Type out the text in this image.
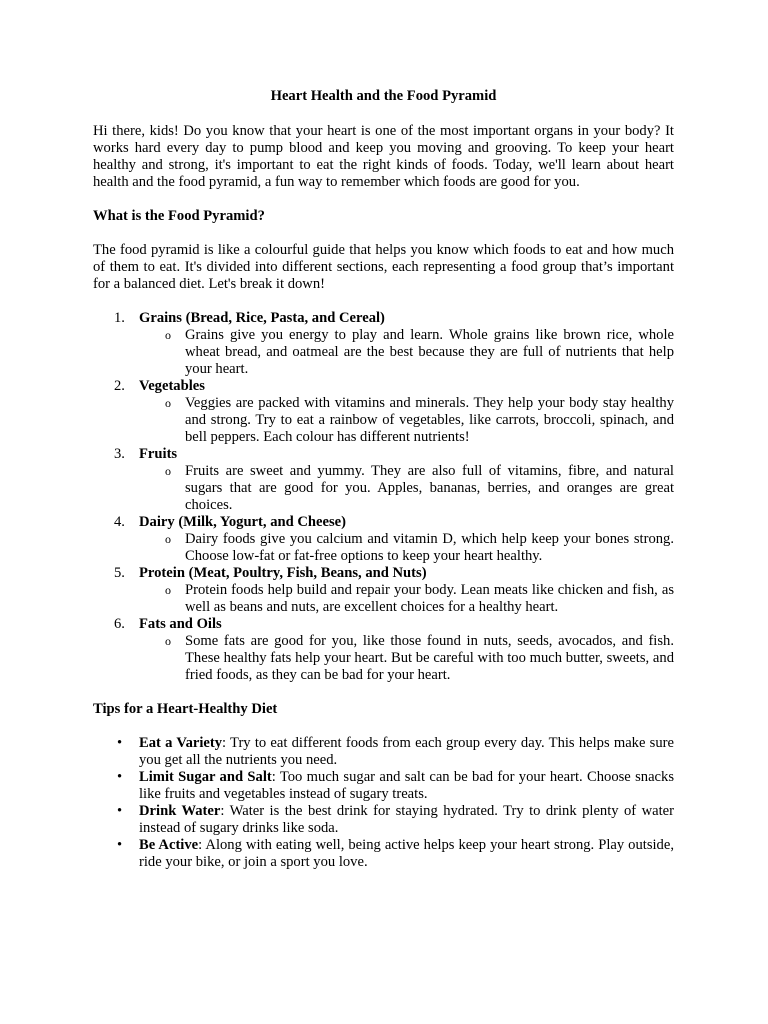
Heart Health and the Food Pyramid

Hi there, kids! Do you know that your heart is one of the most important organs in your body? It works hard every day to pump blood and keep you moving and grooving. To keep your heart healthy and strong, it's important to eat the right kinds of foods. Today, we'll learn about heart health and the food pyramid, a fun way to remember which foods are good for you.

What is the Food Pyramid?

The food pyramid is like a colourful guide that helps you know which foods to eat and how much of them to eat. It's divided into different sections, each representing a food group that’s important for a balanced diet. Let's break it down!

1. Grains (Bread, Rice, Pasta, and Cereal)
o Grains give you energy to play and learn. Whole grains like brown rice, whole wheat bread, and oatmeal are the best because they are full of nutrients that help your heart.
2. Vegetables
o Veggies are packed with vitamins and minerals. They help your body stay healthy and strong. Try to eat a rainbow of vegetables, like carrots, broccoli, spinach, and bell peppers. Each colour has different nutrients!
3. Fruits
o Fruits are sweet and yummy. They are also full of vitamins, fibre, and natural sugars that are good for you. Apples, bananas, berries, and oranges are great choices.
4. Dairy (Milk, Yogurt, and Cheese)
o Dairy foods give you calcium and vitamin D, which help keep your bones strong. Choose low-fat or fat-free options to keep your heart healthy.
5. Protein (Meat, Poultry, Fish, Beans, and Nuts)
o Protein foods help build and repair your body. Lean meats like chicken and fish, as well as beans and nuts, are excellent choices for a healthy heart.
6. Fats and Oils
o Some fats are good for you, like those found in nuts, seeds, avocados, and fish. These healthy fats help your heart. But be careful with too much butter, sweets, and fried foods, as they can be bad for your heart.
Tips for a Heart-Healthy Diet
• Eat a Variety: Try to eat different foods from each group every day. This helps make sure you get all the nutrients you need.
• Limit Sugar and Salt: Too much sugar and salt can be bad for your heart. Choose snacks like fruits and vegetables instead of sugary treats.
• Drink Water: Water is the best drink for staying hydrated. Try to drink plenty of water instead of sugary drinks like soda.
• Be Active: Along with eating well, being active helps keep your heart strong. Play outside, ride your bike, or join a sport you love.
